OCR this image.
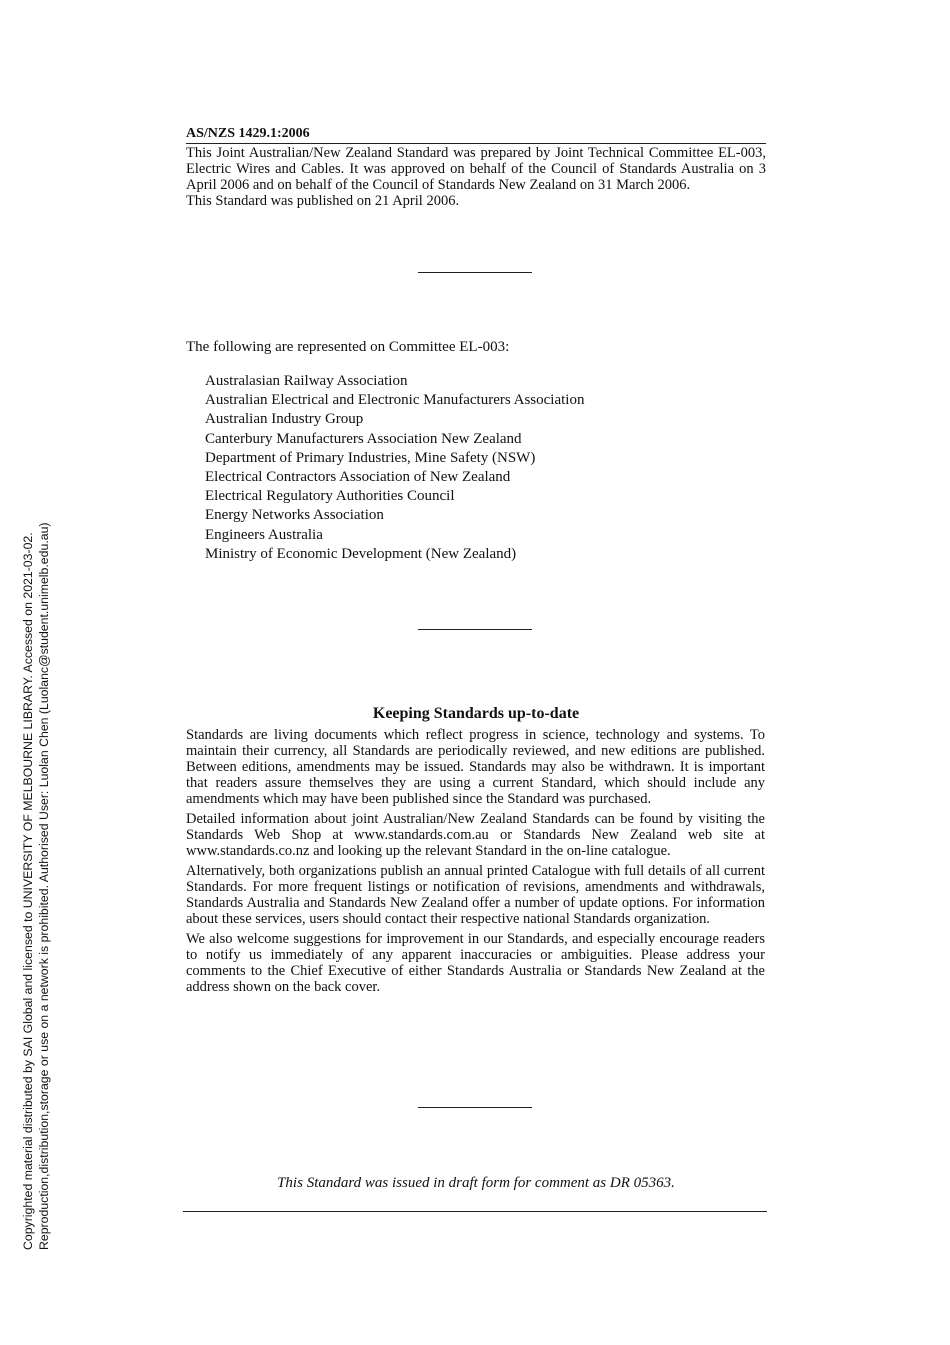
AS/NZS 1429.1:2006

This Joint Australian/New Zealand Standard was prepared by Joint Technical Committee EL-003, Electric Wires and Cables. It was approved on behalf of the Council of Standards Australia on 3 April 2006 and on behalf of the Council of Standards New Zealand on 31 March 2006.

This Standard was published on 21 April 2006.

The following are represented on Committee EL-003:
Australasian Railway Association
Australian Electrical and Electronic Manufacturers Association
Australian Industry Group
Canterbury Manufacturers Association New Zealand
Department of Primary Industries, Mine Safety (NSW)
Electrical Contractors Association of New Zealand
Electrical Regulatory Authorities Council
Energy Networks Association
Engineers Australia
Ministry of Economic Development (New Zealand)
Keeping Standards up-to-date

Standards are living documents which reflect progress in science, technology and systems. To maintain their currency, all Standards are periodically reviewed, and new editions are published. Between editions, amendments may be issued. Standards may also be withdrawn. It is important that readers assure themselves they are using a current Standard, which should include any amendments which may have been published since the Standard was purchased.

Detailed information about joint Australian/New Zealand Standards can be found by visiting the Standards Web Shop at www.standards.com.au or Standards New Zealand web site at www.standards.co.nz and looking up the relevant Standard in the on-line catalogue.

Alternatively, both organizations publish an annual printed Catalogue with full details of all current Standards. For more frequent listings or notification of revisions, amendments and withdrawals, Standards Australia and Standards New Zealand offer a number of update options. For information about these services, users should contact their respective national Standards organization.

We also welcome suggestions for improvement in our Standards, and especially encourage readers to notify us immediately of any apparent inaccuracies or ambiguities. Please address your comments to the Chief Executive of either Standards Australia or Standards New Zealand at the address shown on the back cover.

This Standard was issued in draft form for comment as DR 05363.
Copyrighted material distributed by SAI Global and licensed to UNIVERSITY OF MELBOURNE LIBRARY. Accessed on 2021-03-02. Reproduction,distribution,storage or use on a network is prohibited. Authorised User: Luolan Chen (Luolanc@student.unimelb.edu.au)
